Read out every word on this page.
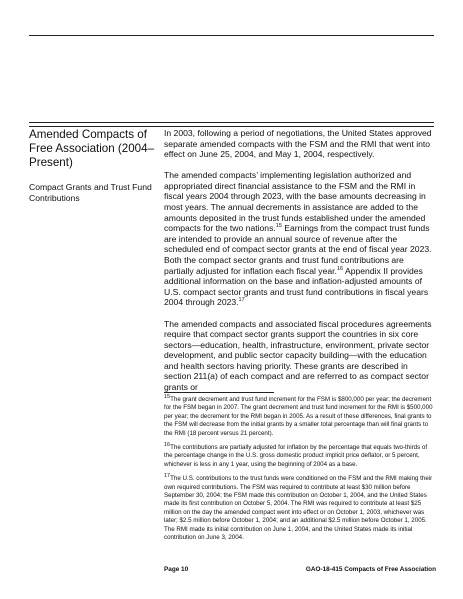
Amended Compacts of Free Association (2004–Present)
Compact Grants and Trust Fund Contributions

In 2003, following a period of negotiations, the United States approved separate amended compacts with the FSM and the RMI that went into effect on June 25, 2004, and May 1, 2004, respectively.

The amended compacts’ implementing legislation authorized and appropriated direct financial assistance to the FSM and the RMI in fiscal years 2004 through 2023, with the base amounts decreasing in most years. The annual decrements in assistance are added to the amounts deposited in the trust funds established under the amended compacts for the two nations.$^{15}$ Earnings from the compact trust funds are intended to provide an annual source of revenue after the scheduled end of compact sector grants at the end of fiscal year 2023. Both the compact sector grants and trust fund contributions are partially adjusted for inflation each fiscal year.$^{16}$ Appendix II provides additional information on the base and inflation-adjusted amounts of U.S. compact sector grants and trust fund contributions in fiscal years 2004 through 2023.17

The amended compacts and associated fiscal procedures agreements require that compact sector grants support the countries in six core sectors—education, health, infrastructure, environment, private sector development, and public sector capacity building—with the education and health sectors having priority. These grants are described in section 211(a) of each compact and are referred to as compact sector grants or

$^{15}$The grant decrement and trust fund increment for the FSM is $800,000 per year; the decrement for the FSM began in 2007. The grant decrement and trust fund increment for the RMI is $500,000 per year; the decrement for the RMI began in 2005. As a result of these differences, final grants to the FSM will decrease from the initial grants by a smaller total percentage than will final grants to the RMI (18 percent versus 21 percent).

$^{16}$The contributions are partially adjusted for inflation by the percentage that equals two-thirds of the percentage change in the U.S. gross domestic product implicit price deflator, or 5 percent, whichever is less in any 1 year, using the beginning of 2004 as a base.

$^{17}$The U.S. contributions to the trust funds were conditioned on the FSM and the RMI making their own required contributions. The FSM was required to contribute at least $30 million before September 30, 2004; the FSM made this contribution on October 1, 2004, and the United States made its first contribution on October 5, 2004. The RMI was required to contribute at least $25 million on the day the amended compact went into effect or on October 1, 2003, whichever was later; $2.5 million before October 1, 2004; and an additional $2.5 million before October 1, 2005. The RMI made its initial contribution on June 1, 2004, and the United States made its initial contribution on June 3, 2004.

Page 10	GAO-18-415 Compacts of Free Association
